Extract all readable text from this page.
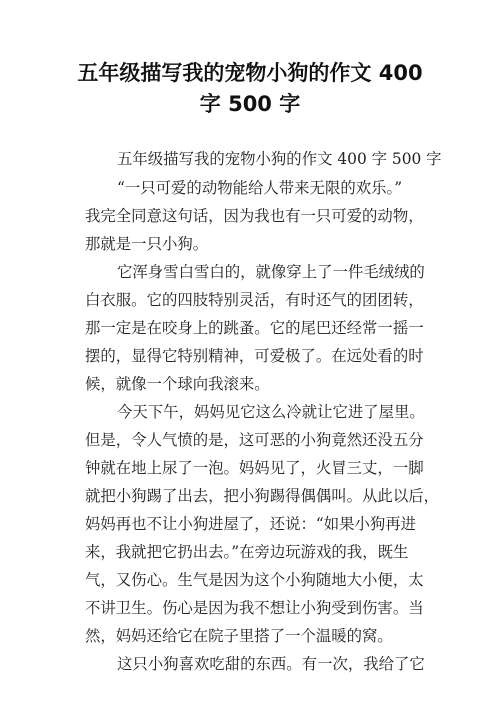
五年级描写我的宠物小狗的作文 400
字 500 字
五年级描写我的宠物小狗的作文 400 字 500 字
“一只可爱的动物能给人带来无限的欢乐。”
我完全同意这句话，因为我也有一只可爱的动物，
那就是一只小狗。
它浑身雪白雪白的，就像穿上了一件毛绒绒的
白衣服。它的四肢特别灵活，有时还气的团团转，
那一定是在咬身上的跳蚤。它的尾巴还经常一摇一
摆的，显得它特别精神，可爱极了。在远处看的时
候，就像一个球向我滚来。
今天下午，妈妈见它这么冷就让它进了屋里。
但是，令人气愤的是，这可恶的小狗竟然还没五分
钟就在地上尿了一泡。妈妈见了，火冒三丈，一脚
就把小狗踢了出去，把小狗踢得偶偶叫。从此以后，
妈妈再也不让小狗进屋了，还说：“如果小狗再进
来，我就把它扔出去。”在旁边玩游戏的我，既生
气，又伤心。生气是因为这个小狗随地大小便，太
不讲卫生。伤心是因为我不想让小狗受到伤害。当
然，妈妈还给它在院子里搭了一个温暖的窝。
这只小狗喜欢吃甜的东西。有一次，我给了它
